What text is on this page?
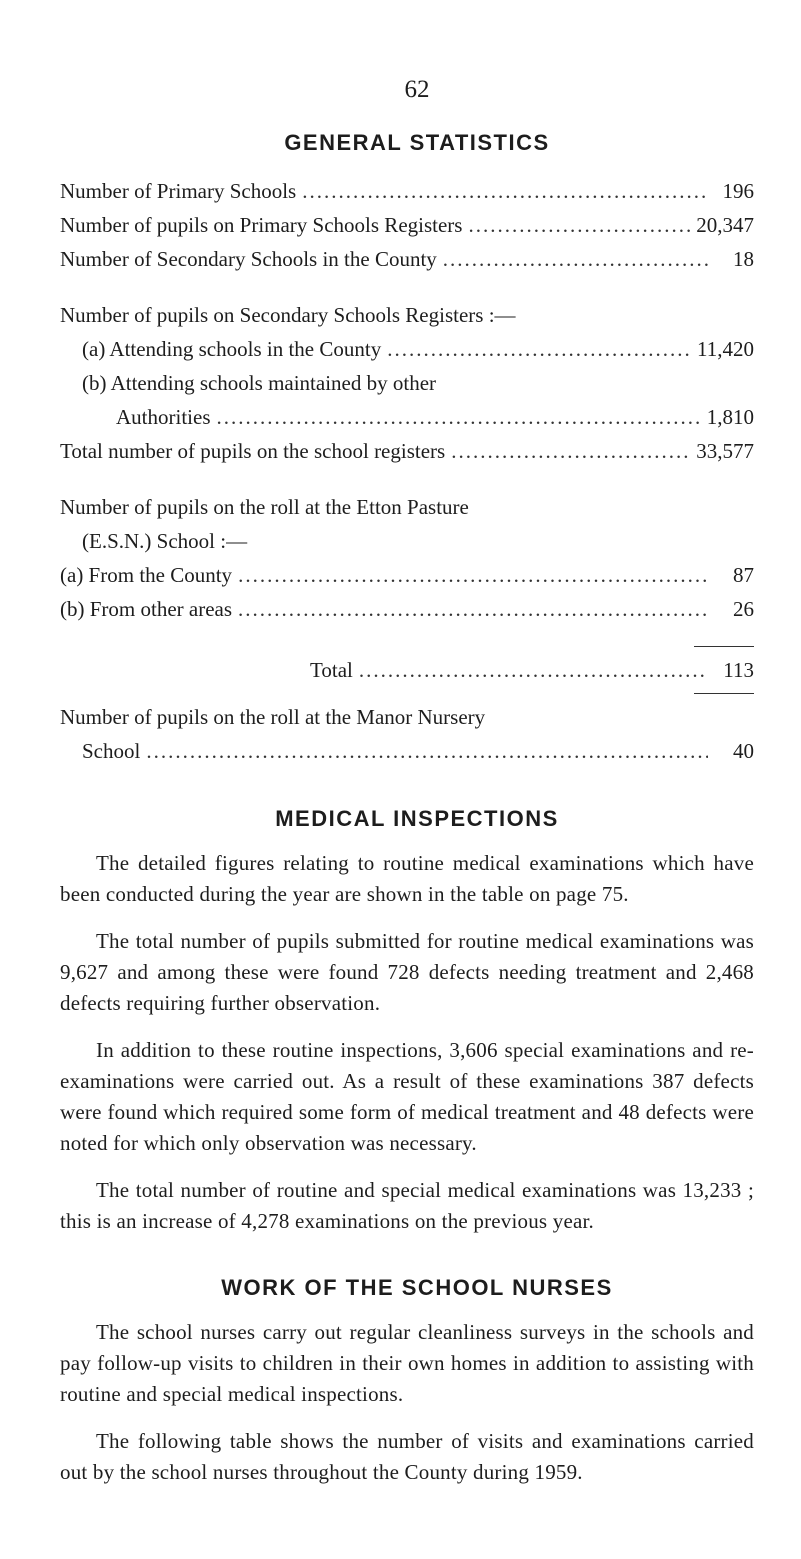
62
GENERAL STATISTICS
Number of Primary Schools .....	196
Number of pupils on Primary Schools Registers .....	20,347
Number of Secondary Schools in the County .....	18
Number of pupils on Secondary Schools Registers :—
(a) Attending schools in the County .....	11,420
(b) Attending schools maintained by other
Authorities .....	1,810
Total number of pupils on the school registers .....	33,577
Number of pupils on the roll at the Etton Pasture
(E.S.N.) School :—
(a) From the County .....	87
(b) From other areas .....	26
Total .....	113
Number of pupils on the roll at the Manor Nursery
School .....	40
MEDICAL INSPECTIONS

The detailed figures relating to routine medical examinations which have been conducted during the year are shown in the table on page 75.

The total number of pupils submitted for routine medical examinations was 9,627 and among these were found 728 defects needing treatment and 2,468 defects requiring further observation.

In addition to these routine inspections, 3,606 special examinations and re-examinations were carried out. As a result of these examinations 387 defects were found which required some form of medical treatment and 48 defects were noted for which only observation was necessary.

The total number of routine and special medical examinations was 13,233 ; this is an increase of 4,278 examinations on the previous year.

WORK OF THE SCHOOL NURSES

The school nurses carry out regular cleanliness surveys in the schools and pay follow-up visits to children in their own homes in addition to assisting with routine and special medical inspections.

The following table shows the number of visits and examinations carried out by the school nurses throughout the County during 1959.
